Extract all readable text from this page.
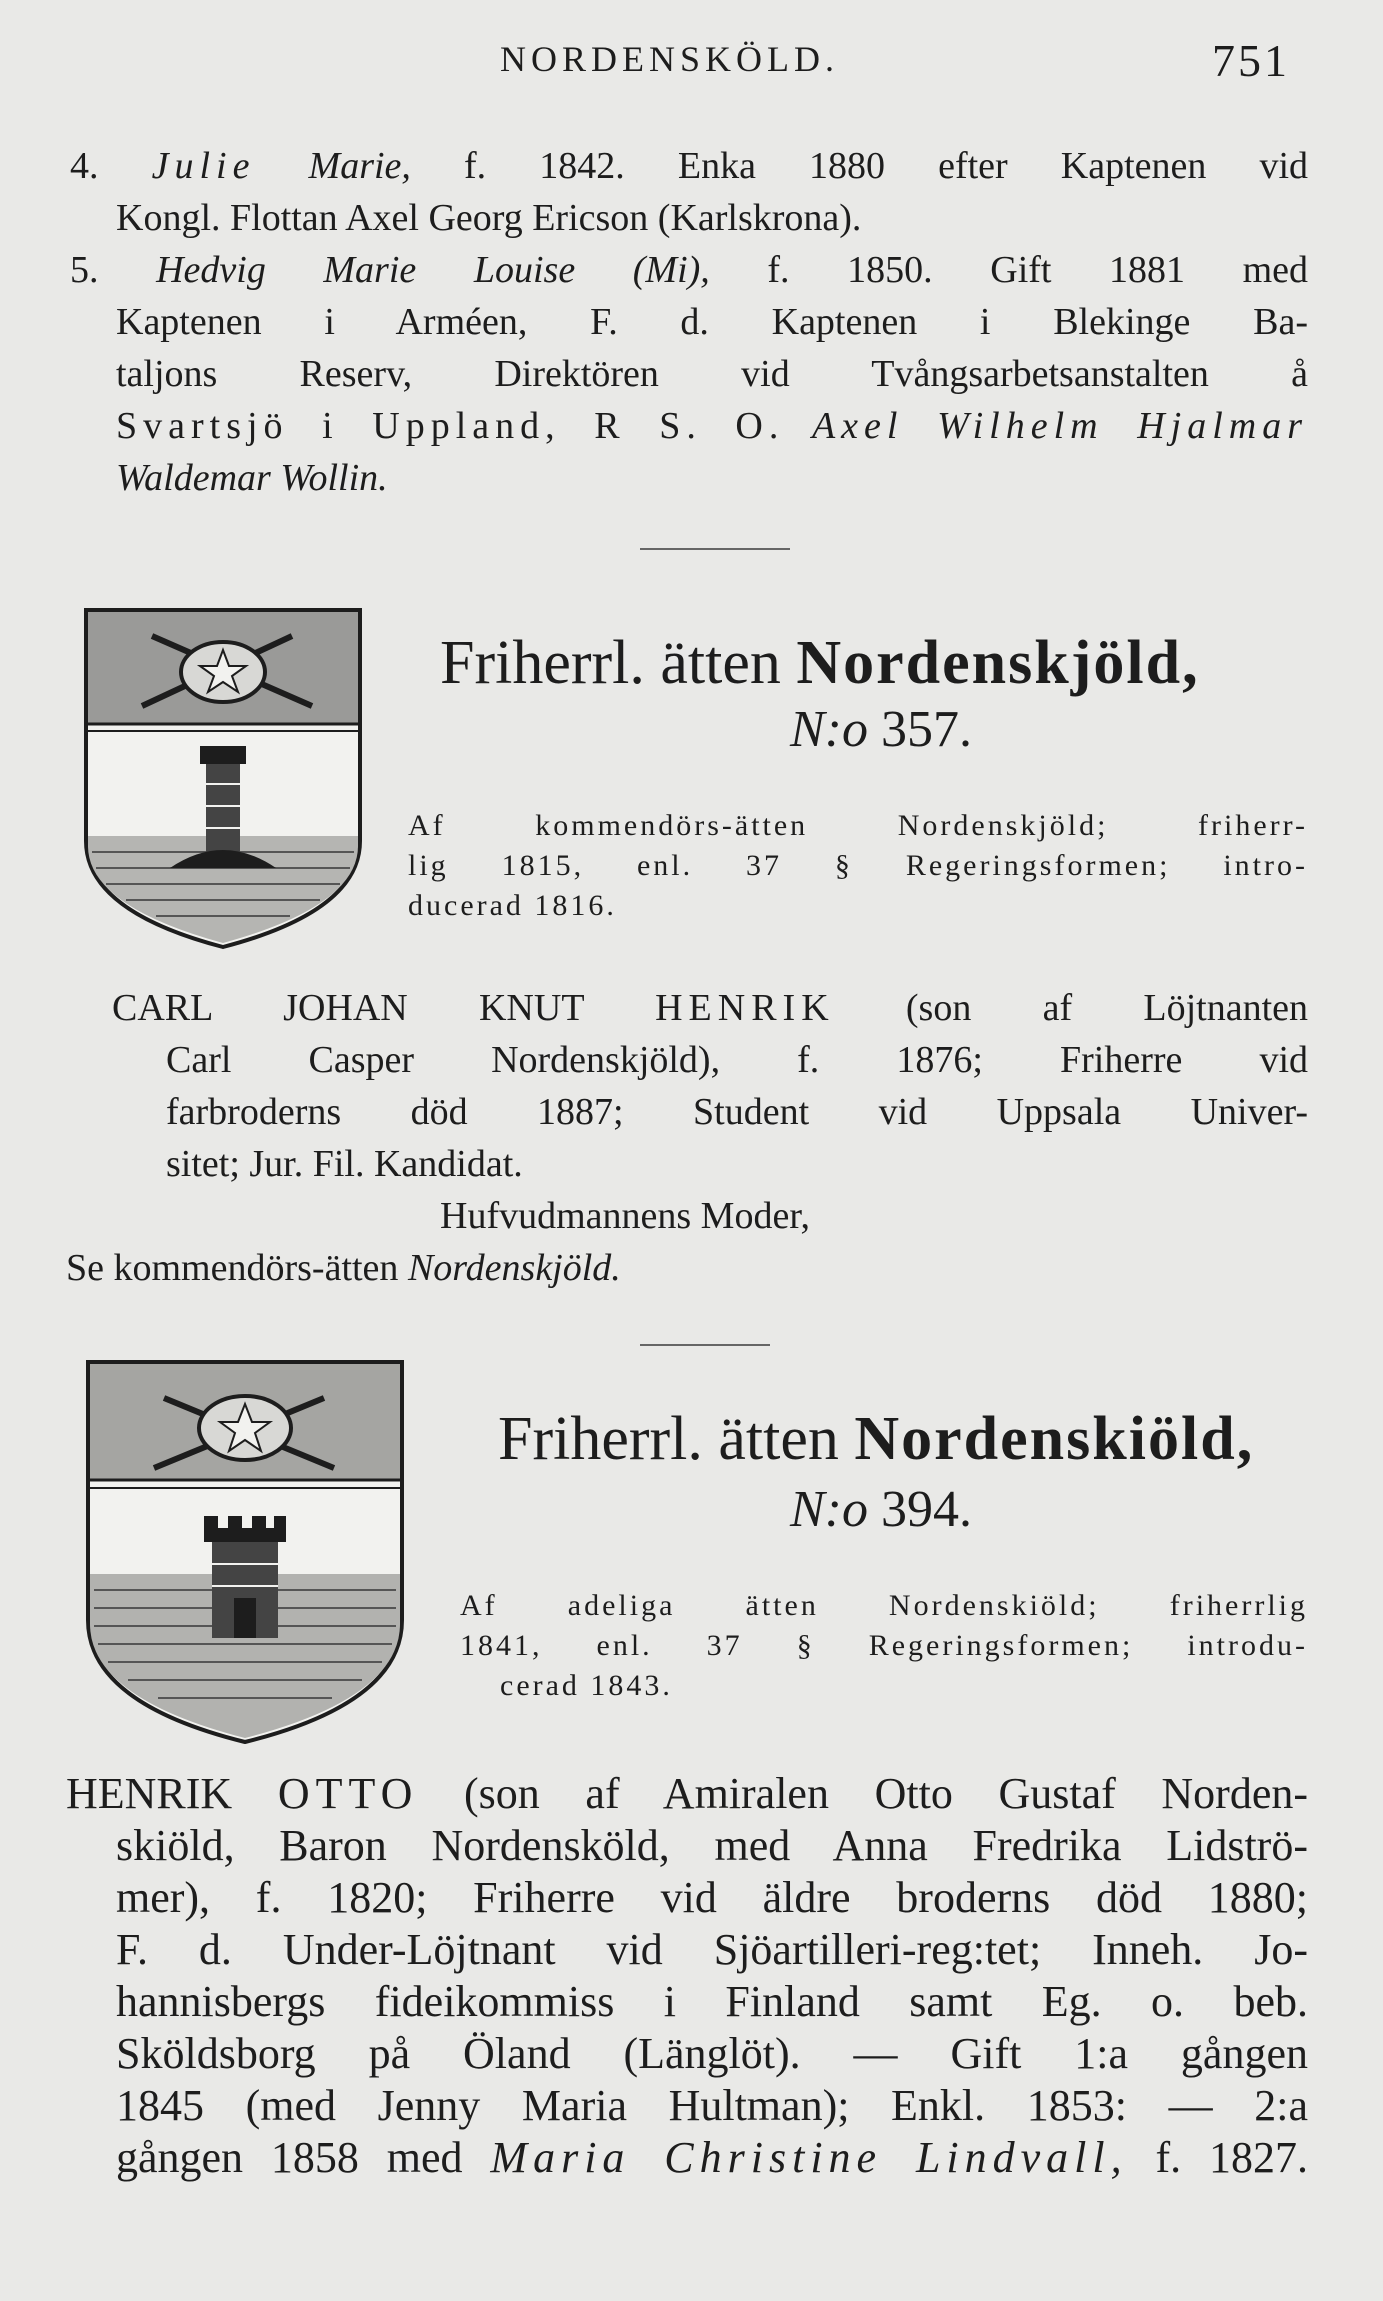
NORDENSKÖLD.	751
4. Julie Marie, f. 1842. Enka 1880 efter Kaptenen vid
Kongl. Flottan Axel Georg Ericson (Karlskrona).
5. Hedvig Marie Louise (Mi), f. 1850. Gift 1881 med
Kaptenen i Arméen, F. d. Kaptenen i Blekinge Ba-
taljons Reserv, Direktören vid Tvångsarbetsanstalten å
Svartsjö i Uppland, R S. O. Axel Wilhelm Hjalmar
Waldemar Wollin.
Friherrl. ätten Nordenskjöld,
N:o 357.
Af kommendörs-ätten Nordenskjöld; friherr-
lig 1815, enl. 37 § Regeringsformen; intro-
ducerad 1816.
CARL JOHAN KNUT HENRIK (son af Löjtnanten
Carl Casper Nordenskjöld), f. 1876; Friherre vid
farbroderns död 1887; Student vid Uppsala Univer-
sitet; Jur. Fil. Kandidat.
Hufvudmannens Moder,
Se kommendörs-ätten Nordenskjöld.
Friherrl. ätten Nordenskiöld,
N:o 394.
Af adeliga ätten Nordenskiöld; friherrlig
1841, enl. 37 § Regeringsformen; introdu-
cerad 1843.
HENRIK OTTO (son af Amiralen Otto Gustaf Norden-
skiöld, Baron Nordensköld, med Anna Fredrika Lidströ-
mer), f. 1820; Friherre vid äldre broderns död 1880;
F. d. Under-Löjtnant vid Sjöartilleri-reg:tet; Inneh. Jo-
hannisbergs fideikommiss i Finland samt Eg. o. beb.
Sköldsborg på Öland (Länglöt). — Gift 1:a gången
1845 (med Jenny Maria Hultman); Enkl. 1853: — 2:a
gången 1858 med Maria Christine Lindvall, f. 1827.
